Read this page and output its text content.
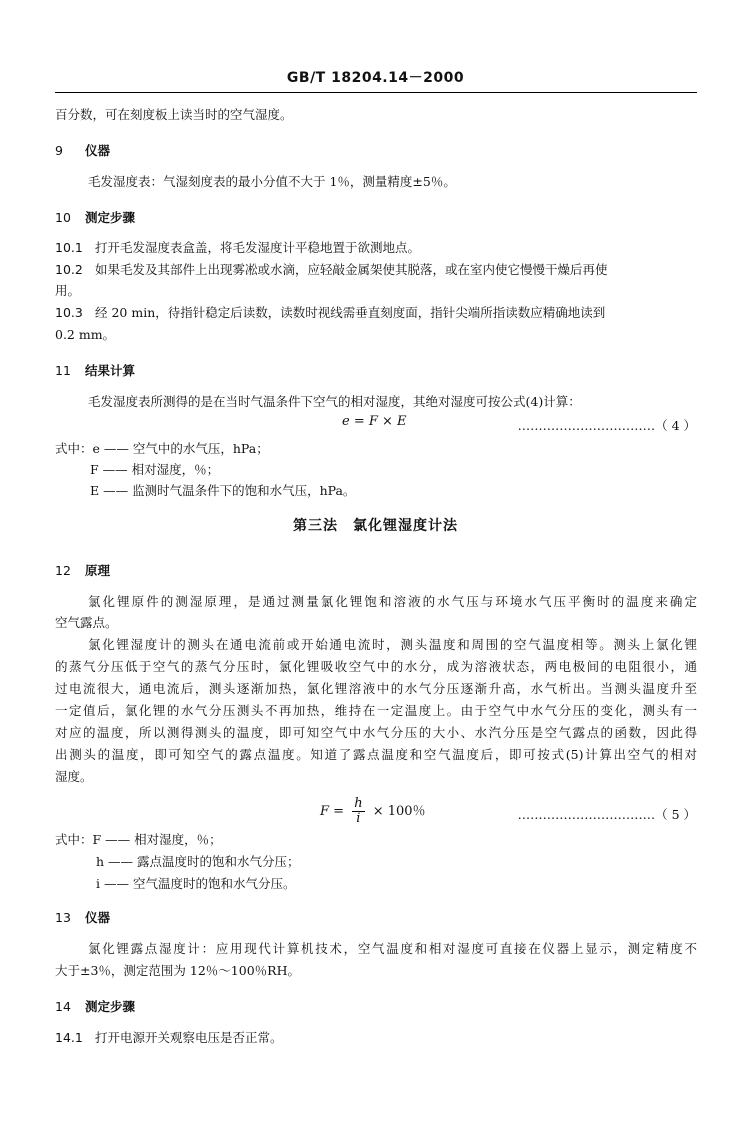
GB/T 18204.14－2000
百分数，可在刻度板上读当时的空气湿度。
9 仪器
毛发湿度表：气湿刻度表的最小分值不大于 1％，测量精度±5％。
10 测定步骤
10.1 打开毛发湿度表盒盖，将毛发湿度计平稳地置于欲测地点。
10.2 如果毛发及其部件上出现雾凇或水滴，应轻敲金属架使其脱落，或在室内使它慢慢干燥后再使
用。
10.3 经 20 min，待指针稳定后读数，读数时视线需垂直刻度面，指针尖端所指读数应精确地读到
0.2 mm。
11 结果计算
毛发湿度表所测得的是在当时气温条件下空气的相对湿度，其绝对湿度可按公式(4)计算：
e = F × E	……………………………（ 4 ）
式中：e —— 空气中的水气压，hPa；
F —— 相对湿度，％；
E —— 监测时气温条件下的饱和水气压，hPa。
第三法　氯化锂湿度计法
12 原理
氯化锂原件的测湿原理，是通过测量氯化锂饱和溶液的水气压与环境水气压平衡时的温度来确定
空气露点。
氯化锂湿度计的测头在通电流前或开始通电流时，测头温度和周围的空气温度相等。测头上氯化锂
的蒸气分压低于空气的蒸气分压时，氯化锂吸收空气中的水分，成为溶液状态，两电极间的电阻很小，通
过电流很大，通电流后，测头逐渐加热，氯化锂溶液中的水气分压逐渐升高，水气析出。当测头温度升至
一定值后，氯化锂的水气分压测头不再加热，维持在一定温度上。由于空气中水气分压的变化，测头有一
对应的温度，所以测得测头的温度，即可知空气中水气分压的大小、水汽分压是空气露点的函数，因此得
出测头的温度，即可知空气的露点温度。知道了露点温度和空气温度后，即可按式(5)计算出空气的相对
湿度。
$F = \frac{h}{i} \times 100$％	……………………………（ 5 ）
式中：F —— 相对湿度，％；
h —— 露点温度时的饱和水气分压；
i —— 空气温度时的饱和水气分压。
13 仪器
氯化锂露点湿度计：应用现代计算机技术，空气温度和相对湿度可直接在仪器上显示，测定精度不
大于±3％，测定范围为 12％～100％RH。
14 测定步骤
14.1 打开电源开关观察电压是否正常。
